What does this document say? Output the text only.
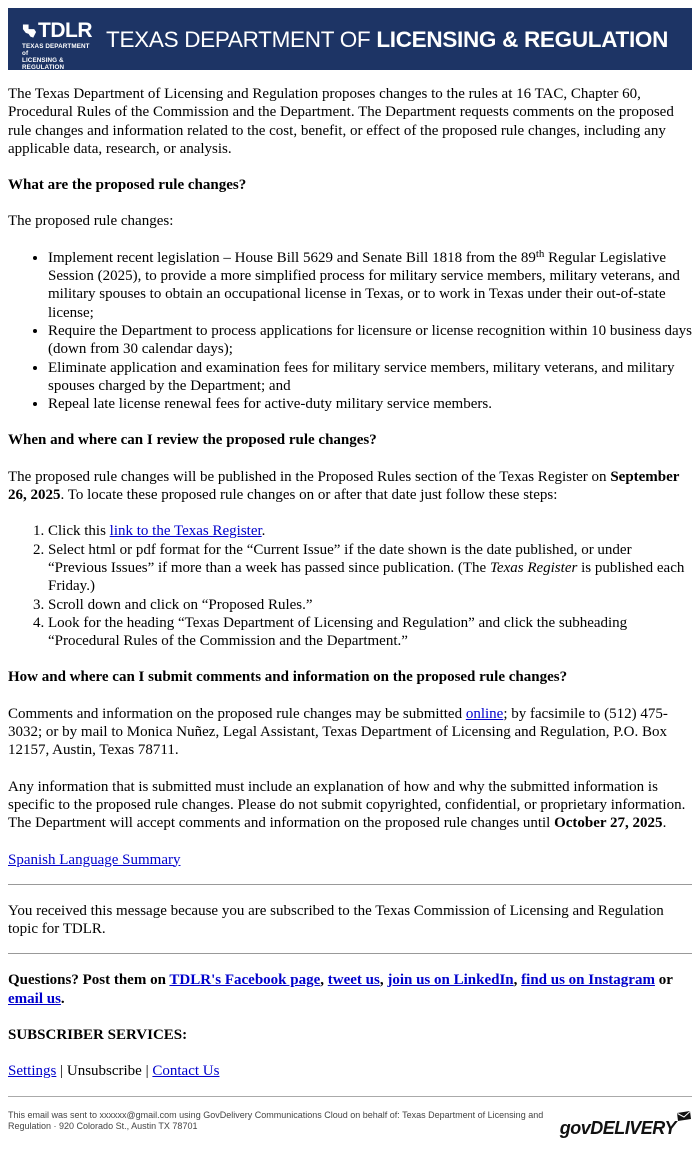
TDLR
TEXAS DEPARTMENT of
LICENSING & REGULATION
TEXAS DEPARTMENT OF LICENSING & REGULATION

The Texas Department of Licensing and Regulation proposes changes to the rules at 16 TAC, Chapter 60, Procedural Rules of the Commission and the Department. The Department requests comments on the proposed rule changes and information related to the cost, benefit, or effect of the proposed rule changes, including any applicable data, research, or analysis.

What are the proposed rule changes?

The proposed rule changes:

• Implement recent legislation – House Bill 5629 and Senate Bill 1818 from the 89th Regular Legislative Session (2025), to provide a more simplified process for military service members, military veterans, and military spouses to obtain an occupational license in Texas, or to work in Texas under their out-of-state license;
• Require the Department to process applications for licensure or license recognition within 10 business days (down from 30 calendar days);
• Eliminate application and examination fees for military service members, military veterans, and military spouses charged by the Department; and
• Repeal late license renewal fees for active-duty military service members.
When and where can I review the proposed rule changes?

The proposed rule changes will be published in the Proposed Rules section of the Texas Register on September 26, 2025. To locate these proposed rule changes on or after that date just follow these steps:

1. Click this link to the Texas Register.
2. Select html or pdf format for the “Current Issue” if the date shown is the date published, or under “Previous Issues” if more than a week has passed since publication. (The Texas Register is published each Friday.)
3. Scroll down and click on “Proposed Rules.”
4. Look for the heading “Texas Department of Licensing and Regulation” and click the subheading “Procedural Rules of the Commission and the Department.”
How and where can I submit comments and information on the proposed rule changes?

Comments and information on the proposed rule changes may be submitted online; by facsimile to (512) 475-3032; or by mail to Monica Nuñez, Legal Assistant, Texas Department of Licensing and Regulation, P.O. Box 12157, Austin, Texas 78711.

Any information that is submitted must include an explanation of how and why the submitted information is specific to the proposed rule changes. Please do not submit copyrighted, confidential, or proprietary information. The Department will accept comments and information on the proposed rule changes until October 27, 2025.

Spanish Language Summary

You received this message because you are subscribed to the Texas Commission of Licensing and Regulation topic for TDLR.

Questions? Post them on TDLR's Facebook page, tweet us, join us on LinkedIn, find us on Instagram or email us.

SUBSCRIBER SERVICES:

Settings | Unsubscribe | Contact Us

This email was sent to xxxxxx@gmail.com using GovDelivery Communications Cloud on behalf of: Texas Department of Licensing and Regulation · 920 Colorado St., Austin TX 78701	govDELIVERY
